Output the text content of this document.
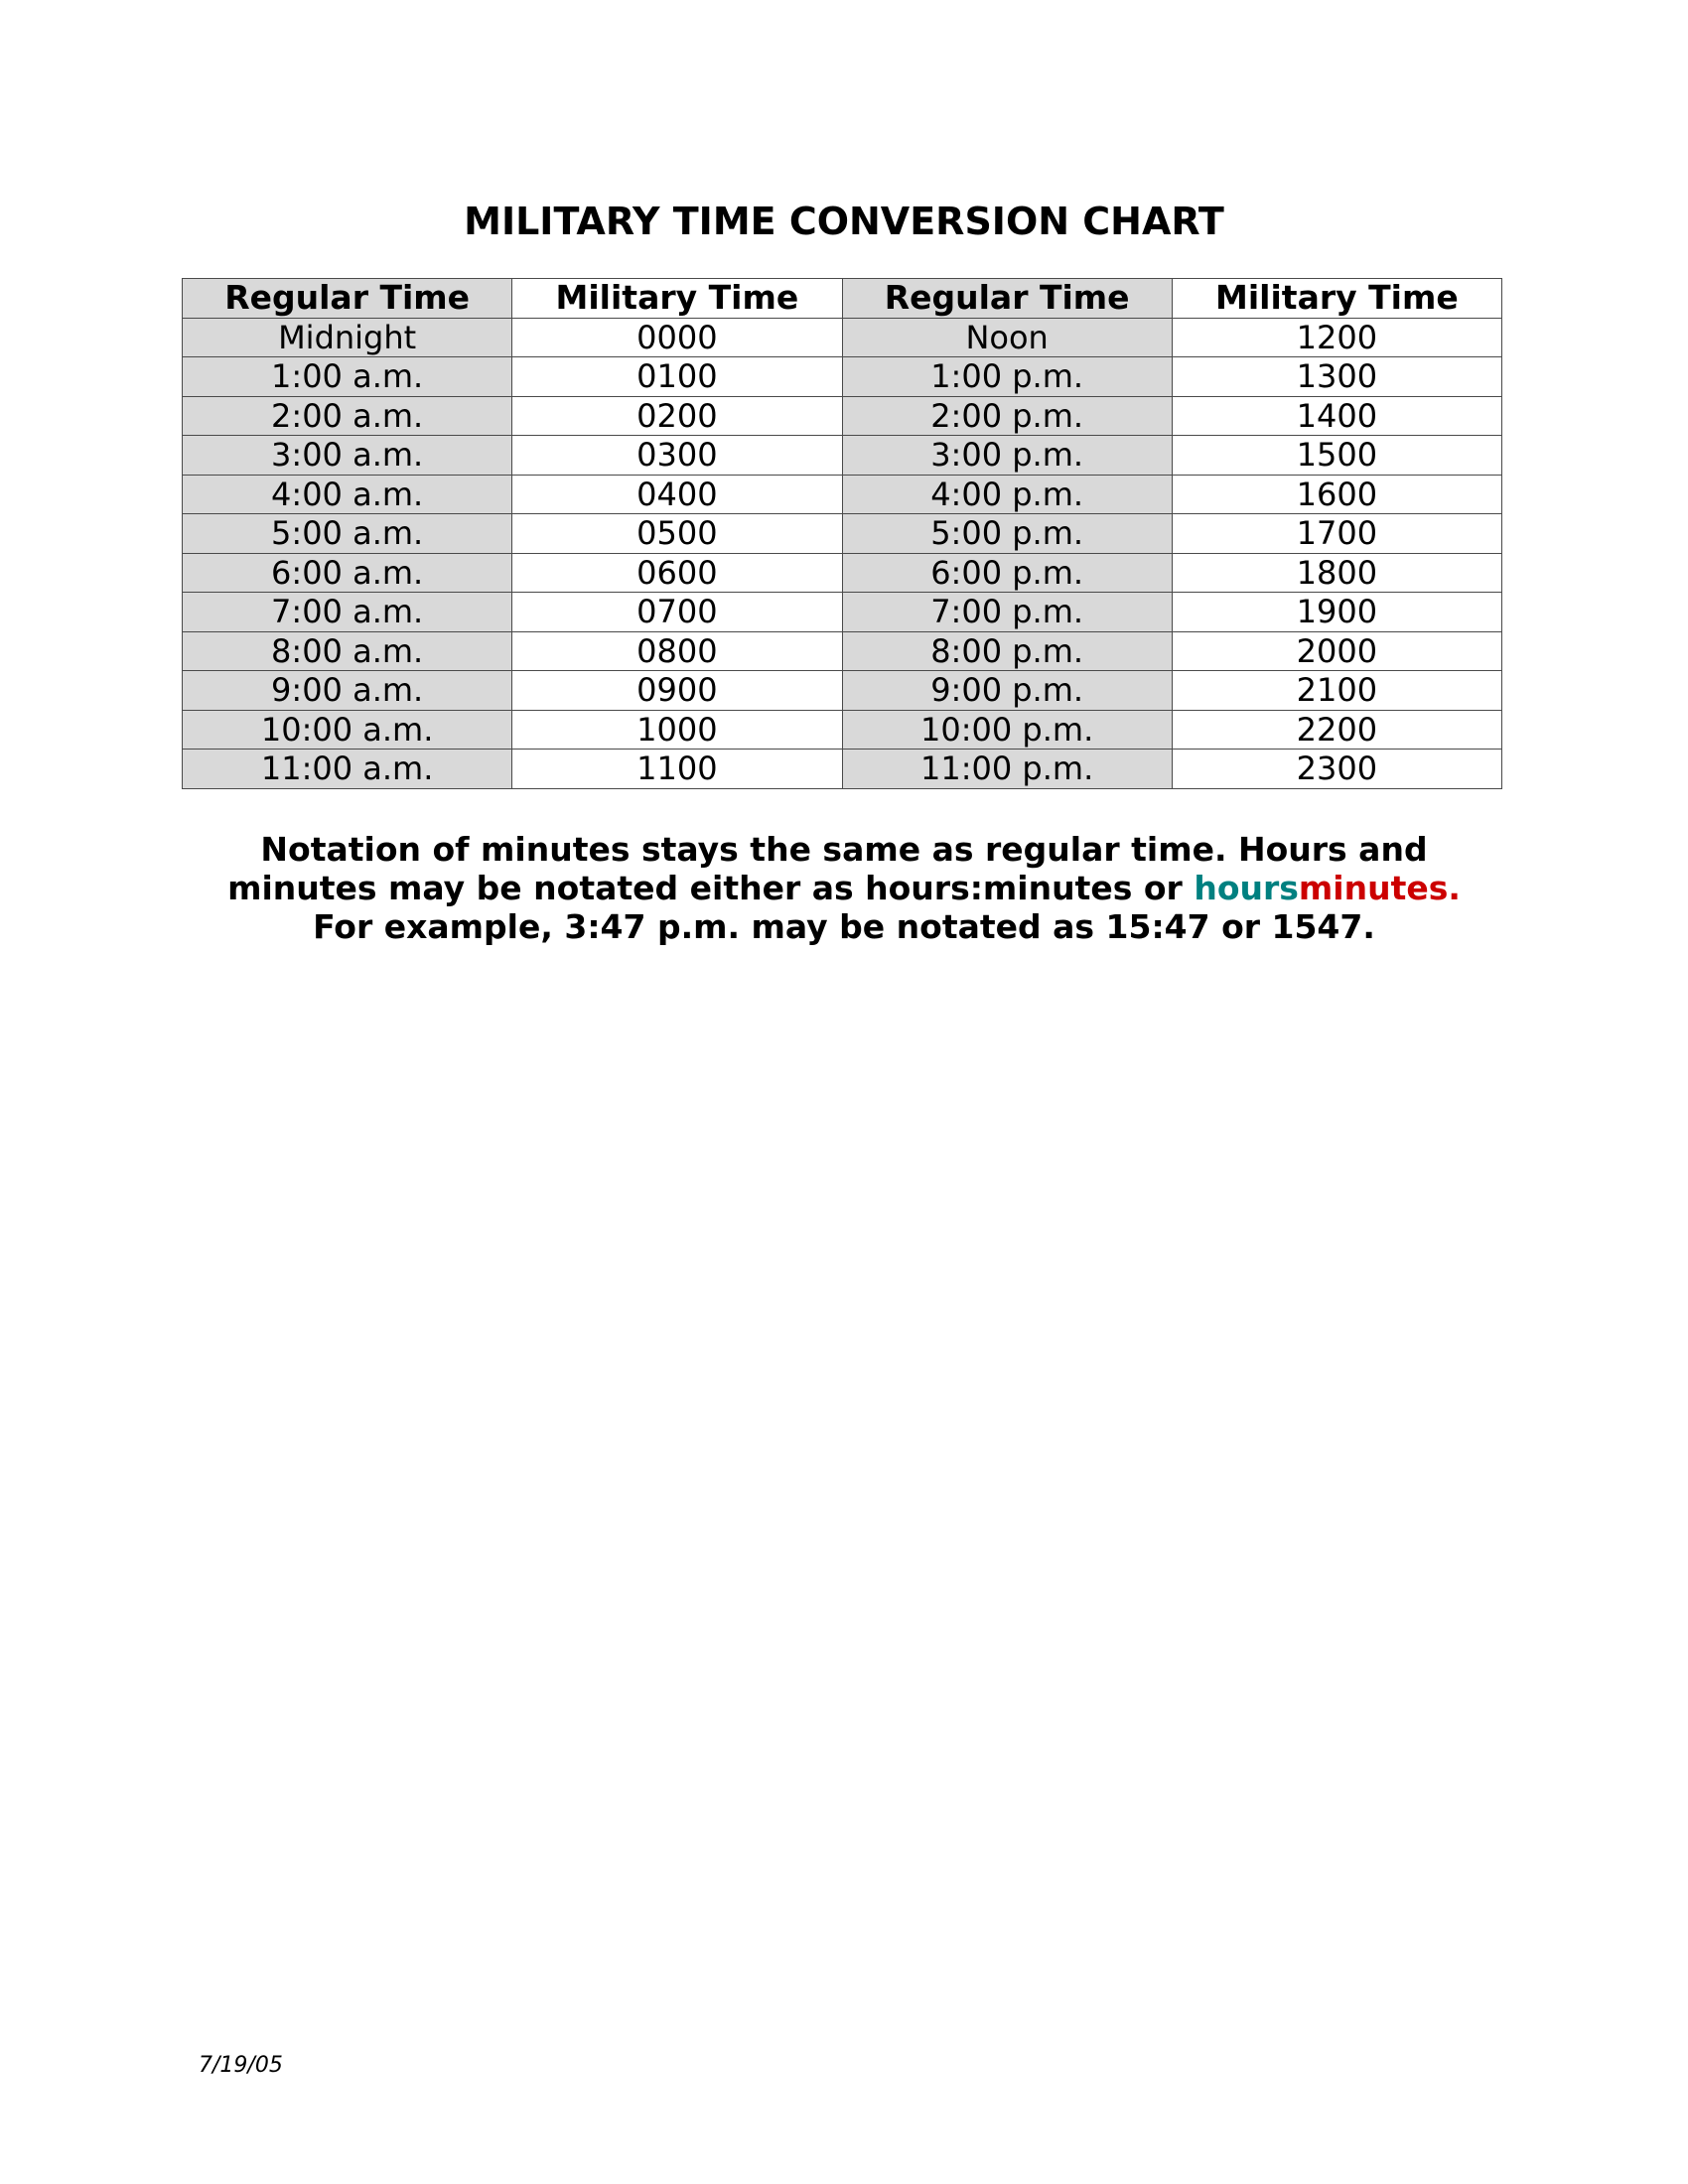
MILITARY TIME CONVERSION CHART
Regular Time	Military Time	Regular Time	Military Time
Midnight	0000	Noon	1200
1:00 a.m.	0100	1:00 p.m.	1300
2:00 a.m.	0200	2:00 p.m.	1400
3:00 a.m.	0300	3:00 p.m.	1500
4:00 a.m.	0400	4:00 p.m.	1600
5:00 a.m.	0500	5:00 p.m.	1700
6:00 a.m.	0600	6:00 p.m.	1800
7:00 a.m.	0700	7:00 p.m.	1900
8:00 a.m.	0800	8:00 p.m.	2000
9:00 a.m.	0900	9:00 p.m.	2100
10:00 a.m.	1000	10:00 p.m.	2200
11:00 a.m.	1100	11:00 p.m.	2300
Notation of minutes stays the same as regular time. Hours and
minutes may be notated either as hours:minutes or hoursminutes.
For example, 3:47 p.m. may be notated as 15:47 or 1547.
7/19/05
